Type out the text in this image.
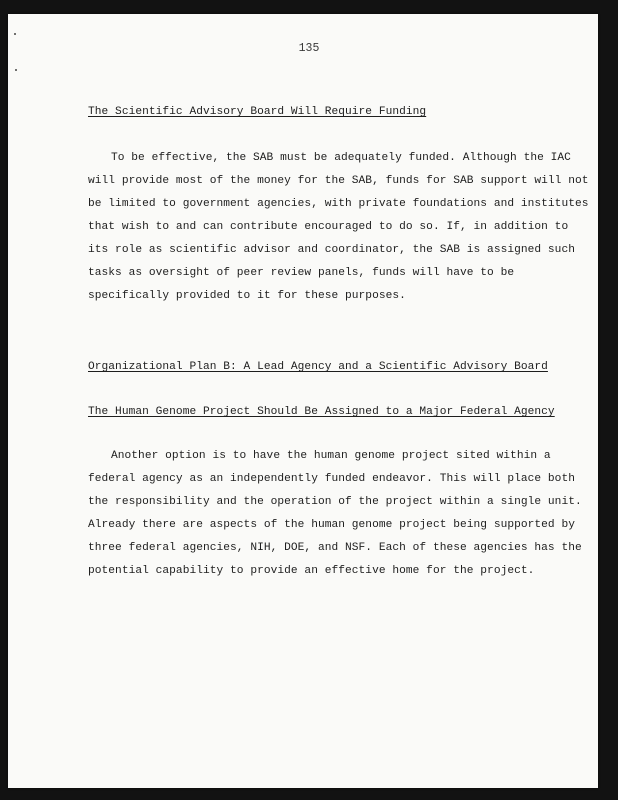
135
The Scientific Advisory Board Will Require Funding
To be effective, the SAB must be adequately funded. Although the IAC
will provide most of the money for the SAB, funds for SAB support will not
be limited to government agencies, with private foundations and institutes
that wish to and can contribute encouraged to do so. If, in addition to
its role as scientific advisor and coordinator, the SAB is assigned such
tasks as oversight of peer review panels, funds will have to be
specifically provided to it for these purposes.
Organizational Plan B: A Lead Agency and a Scientific Advisory Board
The Human Genome Project Should Be Assigned to a Major Federal Agency
Another option is to have the human genome project sited within a
federal agency as an independently funded endeavor. This will place both
the responsibility and the operation of the project within a single unit.
Already there are aspects of the human genome project being supported by
three federal agencies, NIH, DOE, and NSF. Each of these agencies has the
potential capability to provide an effective home for the project.
